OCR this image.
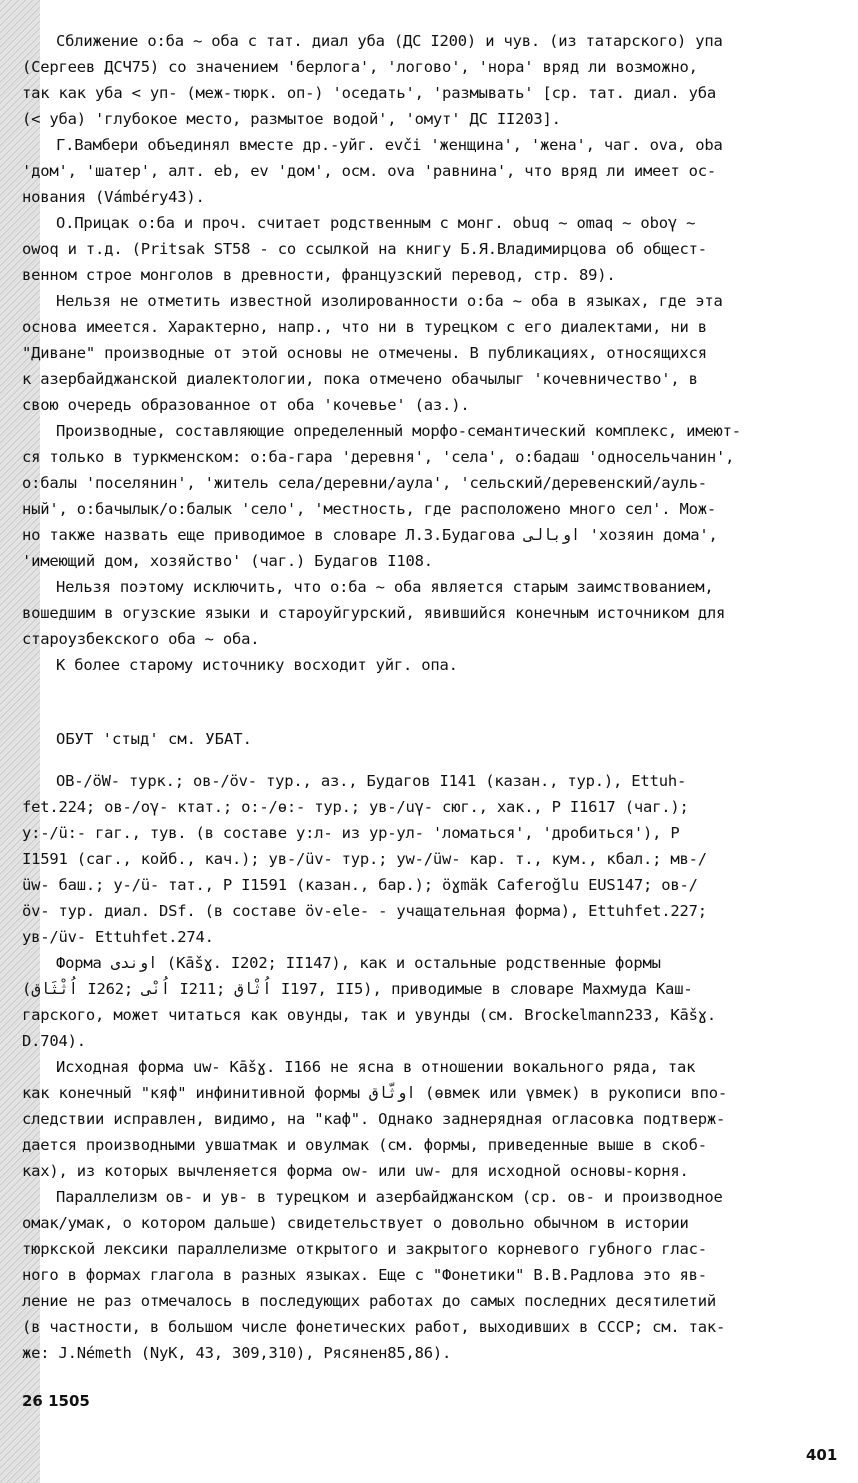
Сближение о:ба ~ оба с тат. диал уба (ДС I200) и чув. (из татарского) упа
(Сергеев ДСЧ75) со значением 'берлога', 'логово', 'нора' вряд ли возможно,
так как уба < уп- (меж-тюрк. оп-) 'оседать', 'размывать' [ср. тат. диал. уба
(< уба) 'глубокое место, размытое водой', 'омут' ДС II203].
Г.Вамбери объединял вместе др.-уйг. evči 'женщина', 'жена', чаг. ova, oba
'дом', 'шатер', алт. eb, ev 'дом', осм. ova 'равнина', что вряд ли имеет ос-
нования (Vámbéry43).
О.Прицак о:ба и проч. считает родственным с монг. obuq ~ omaq ~ oboγ ~
owoq и т.д. (Pritsak ST58 - со ссылкой на книгу Б.Я.Владимирцова об общест-
венном строе монголов в древности, французский перевод, стр. 89).
Нельзя не отметить известной изолированности о:ба ~ оба в языках, где эта
основа имеется. Характерно, напр., что ни в турецком с его диалектами, ни в
"Диване" производные от этой основы не отмечены. В публикациях, относящихся
к азербайджанской диалектологии, пока отмечено обачылыг 'кочевничество', в
свою очередь образованное от оба 'кочевье' (аз.).
Производные, составляющие определенный морфо-семантический комплекс, имеют-
ся только в туркменском: о:ба-гара 'деревня', 'села', о:бадаш 'односельчанин',
о:балы 'поселянин', 'житель села/деревни/аула', 'сельский/деревенский/ауль-
ный', о:бачылык/о:балык 'село', 'местность, где расположено много сел'. Мож-
но также назвать еще приводимое в словаре Л.З.Будагова اوبالى 'хозяин дома',
'имеющий дом, хозяйство' (чаг.) Будагов I108.
Нельзя поэтому исключить, что о:ба ~ оба является старым заимствованием,
вошедшим в огузские языки и староуйгурский, явившийся конечным источником для
староузбекского оба ~ оба.
К более старому источнику восходит уйг. опа.
ОБУТ 'стыд' см. УБАТ.
ОВ-/ӧW- турк.; ов-/ӧv- тур., аз., Будагов I141 (казан., тур.), Ettuh-
fet.224; ов-/оγ- ктат.; о:-/ө:- тур.; ув-/uγ- сюг., хак., Р I1617 (чаг.);
у:-/ü:- гаг., тув. (в составе у:л- из ур-ул- 'ломаться', 'дробиться'), Р
I1591 (саг., койб., кач.); ув-/üv- тур.; уw-/üw- кар. т., кум., кбал.; мв-/
üw- баш.; у-/ü- тат., Р I1591 (казан., бар.); öɣmäk Caferoğlu EUS147; ов-/
öv- тур. диал. DSf. (в составе öv-ele- - учащательная форма), Ettuhfet.227;
ув-/üv- Ettuhfet.274.
Форма اوندى (Kāšɣ. I202; II147), как и остальные родственные формы
(اُثْثَاق I262; اُنْى I211; اُثْاق I197, II5), приводимые в словаре Махмуда Каш-
гарского, может читаться как овунды, так и увунды (см. Brockelmann233, Kāšɣ.
D.704).
Исходная форма uw- Kāšɣ. I166 не ясна в отношении вокального ряда, так
как конечный "кяф" инфинитивной формы اوثّاق (өвмек или үвмек) в рукописи впо-
следствии исправлен, видимо, на "каф". Однако заднерядная огласовка подтверж-
дается производными увшатмак и овулмак (см. формы, приведенные выше в скоб-
ках), из которых вычленяется форма ow- или uw- для исходной основы-корня.
Параллелизм ов- и ув- в турецком и азербайджанском (ср. ов- и производное
омак/умак, о котором дальше) свидетельствует о довольно обычном в истории
тюркской лексики параллелизме открытого и закрытого корневого губного глас-
ного в формах глагола в разных языках. Еще с "Фонетики" В.В.Радлова это яв-
ление не раз отмечалось в последующих работах до самых последних десятилетий
(в частности, в большом числе фонетических работ, выходивших в СССР; см. так-
же: J.Németh (NyK, 43, 309,310), Рясянен85,86).
26 1505
401
